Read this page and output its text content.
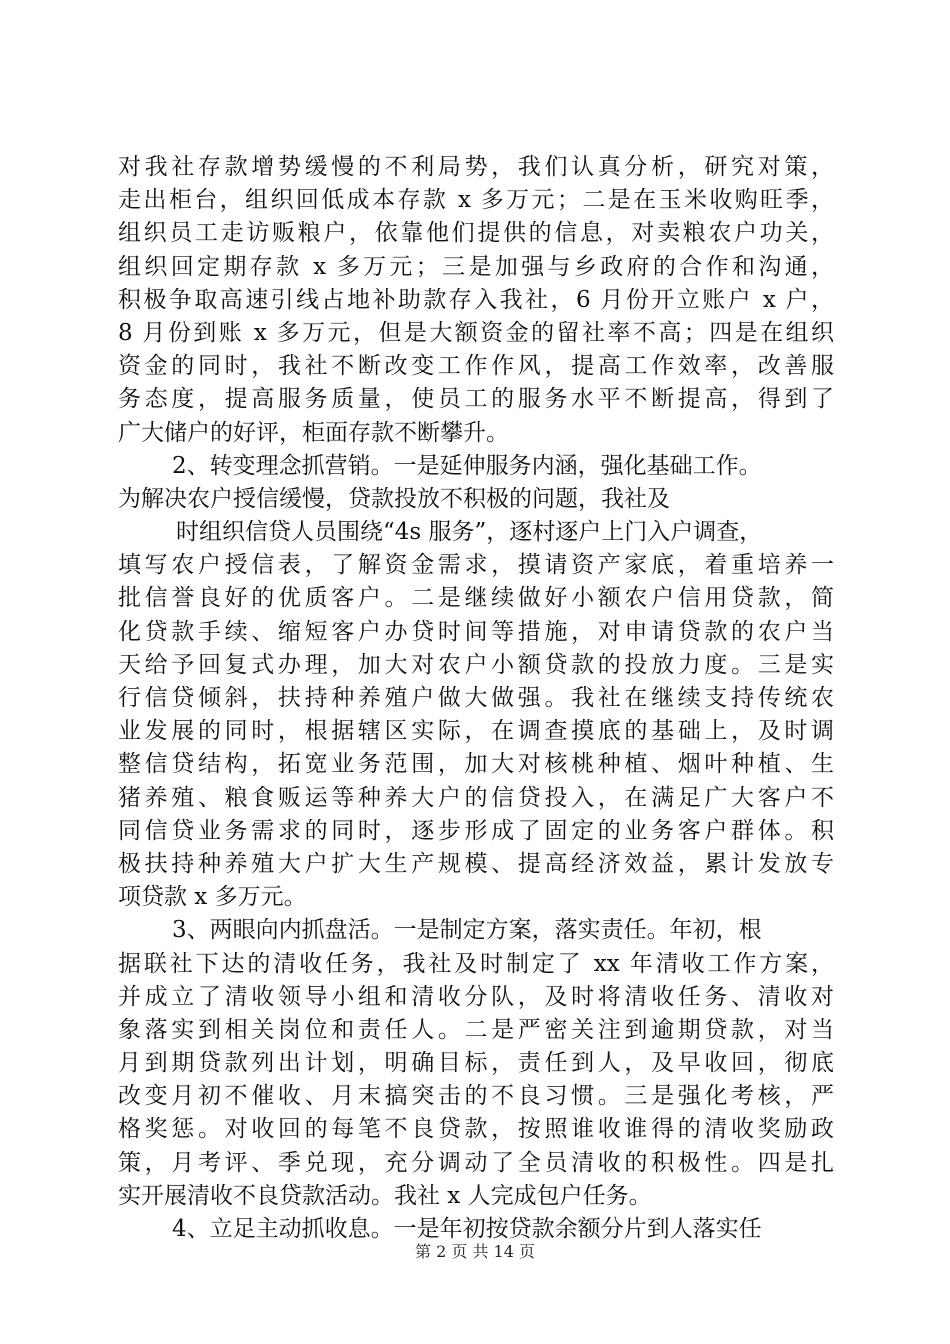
对我社存款增势缓慢的不利局势，我们认真分析，研究对策，
走出柜台，组织回低成本存款 x 多万元；二是在玉米收购旺季，
组织员工走访贩粮户，依靠他们提供的信息，对卖粮农户功关，
组织回定期存款 x 多万元；三是加强与乡政府的合作和沟通，
积极争取高速引线占地补助款存入我社，6 月份开立账户 x 户，
8 月份到账 x 多万元，但是大额资金的留社率不高；四是在组织
资金的同时，我社不断改变工作作风，提高工作效率，改善服
务态度，提高服务质量，使员工的服务水平不断提高，得到了
广大储户的好评，柜面存款不断攀升。
2、转变理念抓营销。一是延伸服务内涵，强化基础工作。
为解决农户授信缓慢，贷款投放不积极的问题，我社及
时组织信贷人员围绕“4s 服务”，逐村逐户上门入户调查，
填写农户授信表，了解资金需求，摸请资产家底，着重培养一
批信誉良好的优质客户。二是继续做好小额农户信用贷款，简
化贷款手续、缩短客户办贷时间等措施，对申请贷款的农户当
天给予回复式办理，加大对农户小额贷款的投放力度。三是实
行信贷倾斜，扶持种养殖户做大做强。我社在继续支持传统农
业发展的同时，根据辖区实际，在调查摸底的基础上，及时调
整信贷结构，拓宽业务范围，加大对核桃种植、烟叶种植、生
猪养殖、粮食贩运等种养大户的信贷投入，在满足广大客户不
同信贷业务需求的同时，逐步形成了固定的业务客户群体。积
极扶持种养殖大户扩大生产规模、提高经济效益，累计发放专
项贷款 x 多万元。
3、两眼向内抓盘活。一是制定方案，落实责任。年初，根
据联社下达的清收任务，我社及时制定了 xx 年清收工作方案，
并成立了清收领导小组和清收分队，及时将清收任务、清收对
象落实到相关岗位和责任人。二是严密关注到逾期贷款，对当
月到期贷款列出计划，明确目标，责任到人，及早收回，彻底
改变月初不催收、月末搞突击的不良习惯。三是强化考核，严
格奖惩。对收回的每笔不良贷款，按照谁收谁得的清收奖励政
策，月考评、季兑现，充分调动了全员清收的积极性。四是扎
实开展清收不良贷款活动。我社 x 人完成包户任务。
4、立足主动抓收息。一是年初按贷款余额分片到人落实任
第 2 页 共 14 页
